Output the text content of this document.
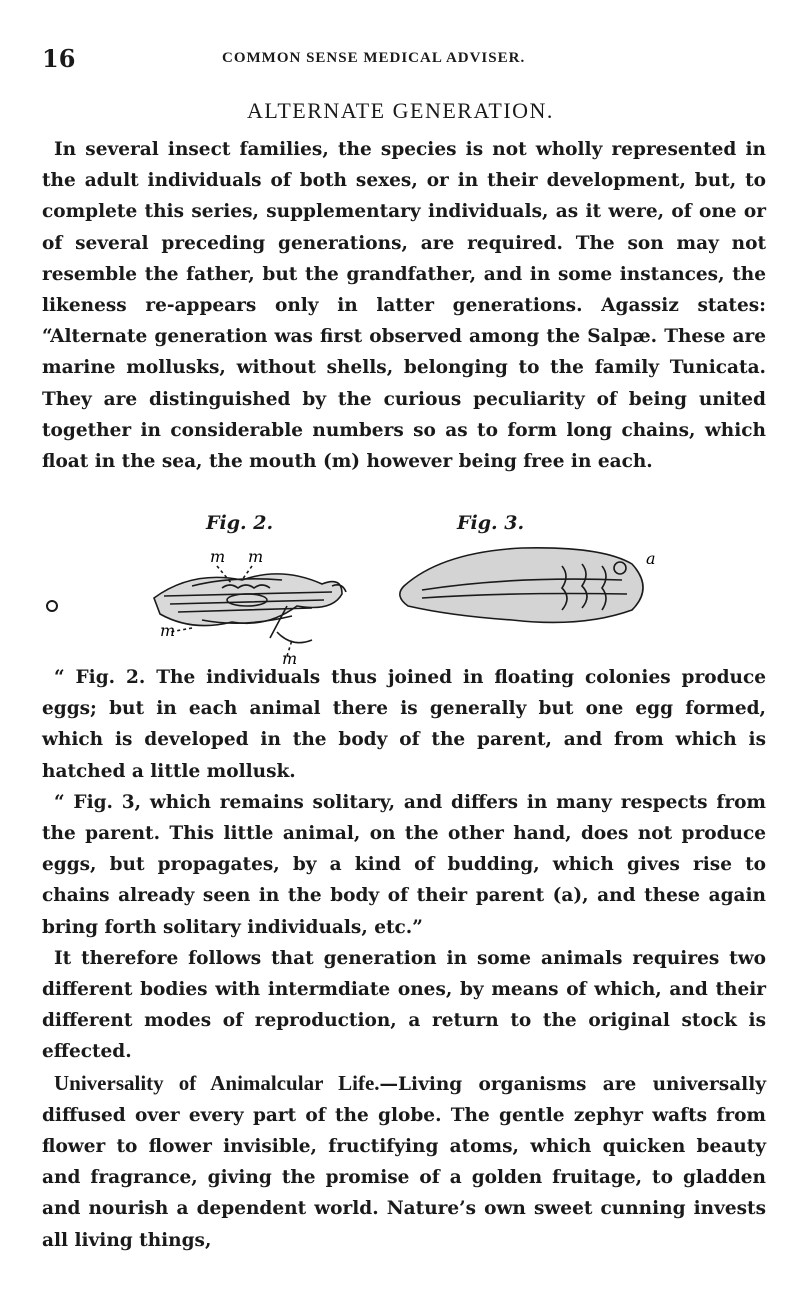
16	COMMON SENSE MEDICAL ADVISER.
ALTERNATE GENERATION.

In several insect families, the species is not wholly represented in the adult individuals of both sexes, or in their development, but, to complete this series, supplementary individuals, as it were, of one or of several preceding generations, are required. The son may not resemble the father, but the grandfather, and in some instances, the likeness re-appears only in latter generations. Agassiz states: “Alternate generation was first observed among the Salpæ. These are marine mollusks, without shells, belonging to the family Tunicata. They are distinguished by the curious peculiarity of being united together in considerable numbers so as to form long chains, which float in the sea, the mouth (m) however being free in each.

Fig. 2.	Fig. 3.
m m
m
m
a

“ Fig. 2. The individuals thus joined in floating colonies produce eggs; but in each animal there is generally but one egg formed, which is developed in the body of the parent, and from which is hatched a little mollusk.

“ Fig. 3, which remains solitary, and differs in many respects from the parent. This little animal, on the other hand, does not produce eggs, but propagates, by a kind of budding, which gives rise to chains already seen in the body of their parent (a), and these again bring forth solitary individuals, etc.”

It therefore follows that generation in some animals requires two different bodies with intermdiate ones, by means of which, and their different modes of reproduction, a return to the original stock is effected.

Universality of Animalcular Life.—Living organisms are universally diffused over every part of the globe. The gentle zephyr wafts from flower to flower invisible, fructifying atoms, which quicken beauty and fragrance, giving the promise of a golden fruitage, to gladden and nourish a dependent world. Nature’s own sweet cunning invests all living things,
